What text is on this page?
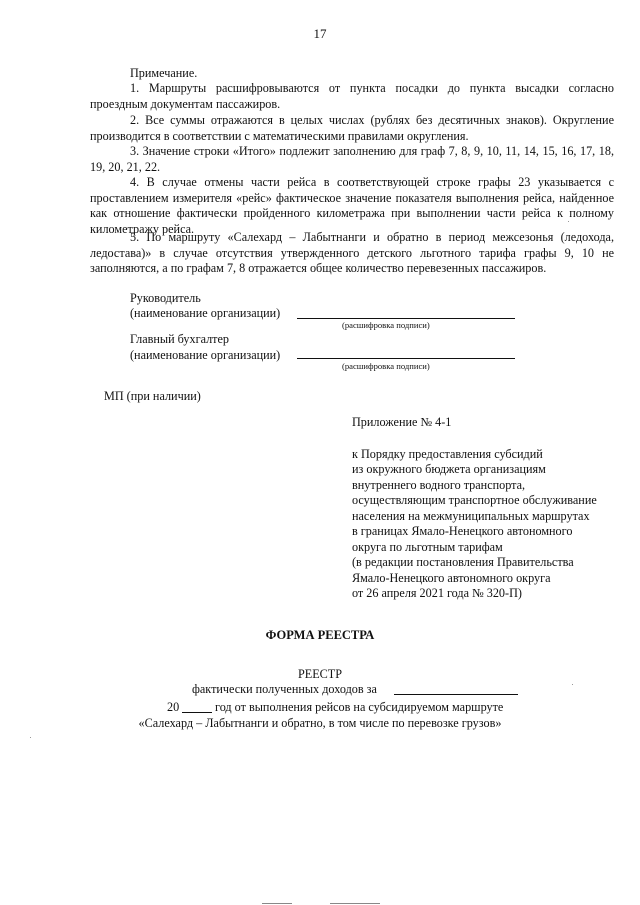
17

Примечание.

1. Маршруты расшифровываются от пункта посадки до пункта высадки согласно проездным документам пассажиров.

2. Все суммы отражаются в целых числах (рублях без десятичных знаков). Округление производится в соответствии с математическими правилами округления.

3. Значение строки «Итого» подлежит заполнению для граф 7, 8, 9, 10, 11, 14, 15, 16, 17, 18, 19, 20, 21, 22.

4. В случае отмены части рейса в соответствующей строке графы 23 указывается с проставлением измерителя «рейс» фактическое значение показателя выполнения рейса, найденное как отношение фактически пройденного километража при выполнении части рейса к полному километражу рейса.

5. По маршруту «Салехард – Лабытнанги и обратно в период межсезонья (ледохода, ледостава)» в случае отсутствия утвержденного детского льготного тарифа графы 9, 10 не заполняются, а по графам 7, 8 отражается общее количество перевезенных пассажиров.

Руководитель
(наименование организации)
(расшифровка подписи)
Главный бухгалтер
(наименование организации)
(расшифровка подписи)
МП (при наличии)
Приложение № 4-1
к Порядку предоставления субсидий
из окружного бюджета организациям
внутреннего водного транспорта,
осуществляющим транспортное обслуживание
населения на межмуниципальных маршрутах
в границах Ямало-Ненецкого автономного
округа по льготным тарифам
(в редакции постановления Правительства
Ямало-Ненецкого автономного округа
от 26 апреля 2021 года № 320-П)
ФОРМА РЕЕСТРА
РЕЕСТР
фактически полученных доходов за
20	год от выполнения рейсов на субсидируемом маршруте
«Салехард – Лабытнанги и обратно, в том числе по перевозке грузов»
